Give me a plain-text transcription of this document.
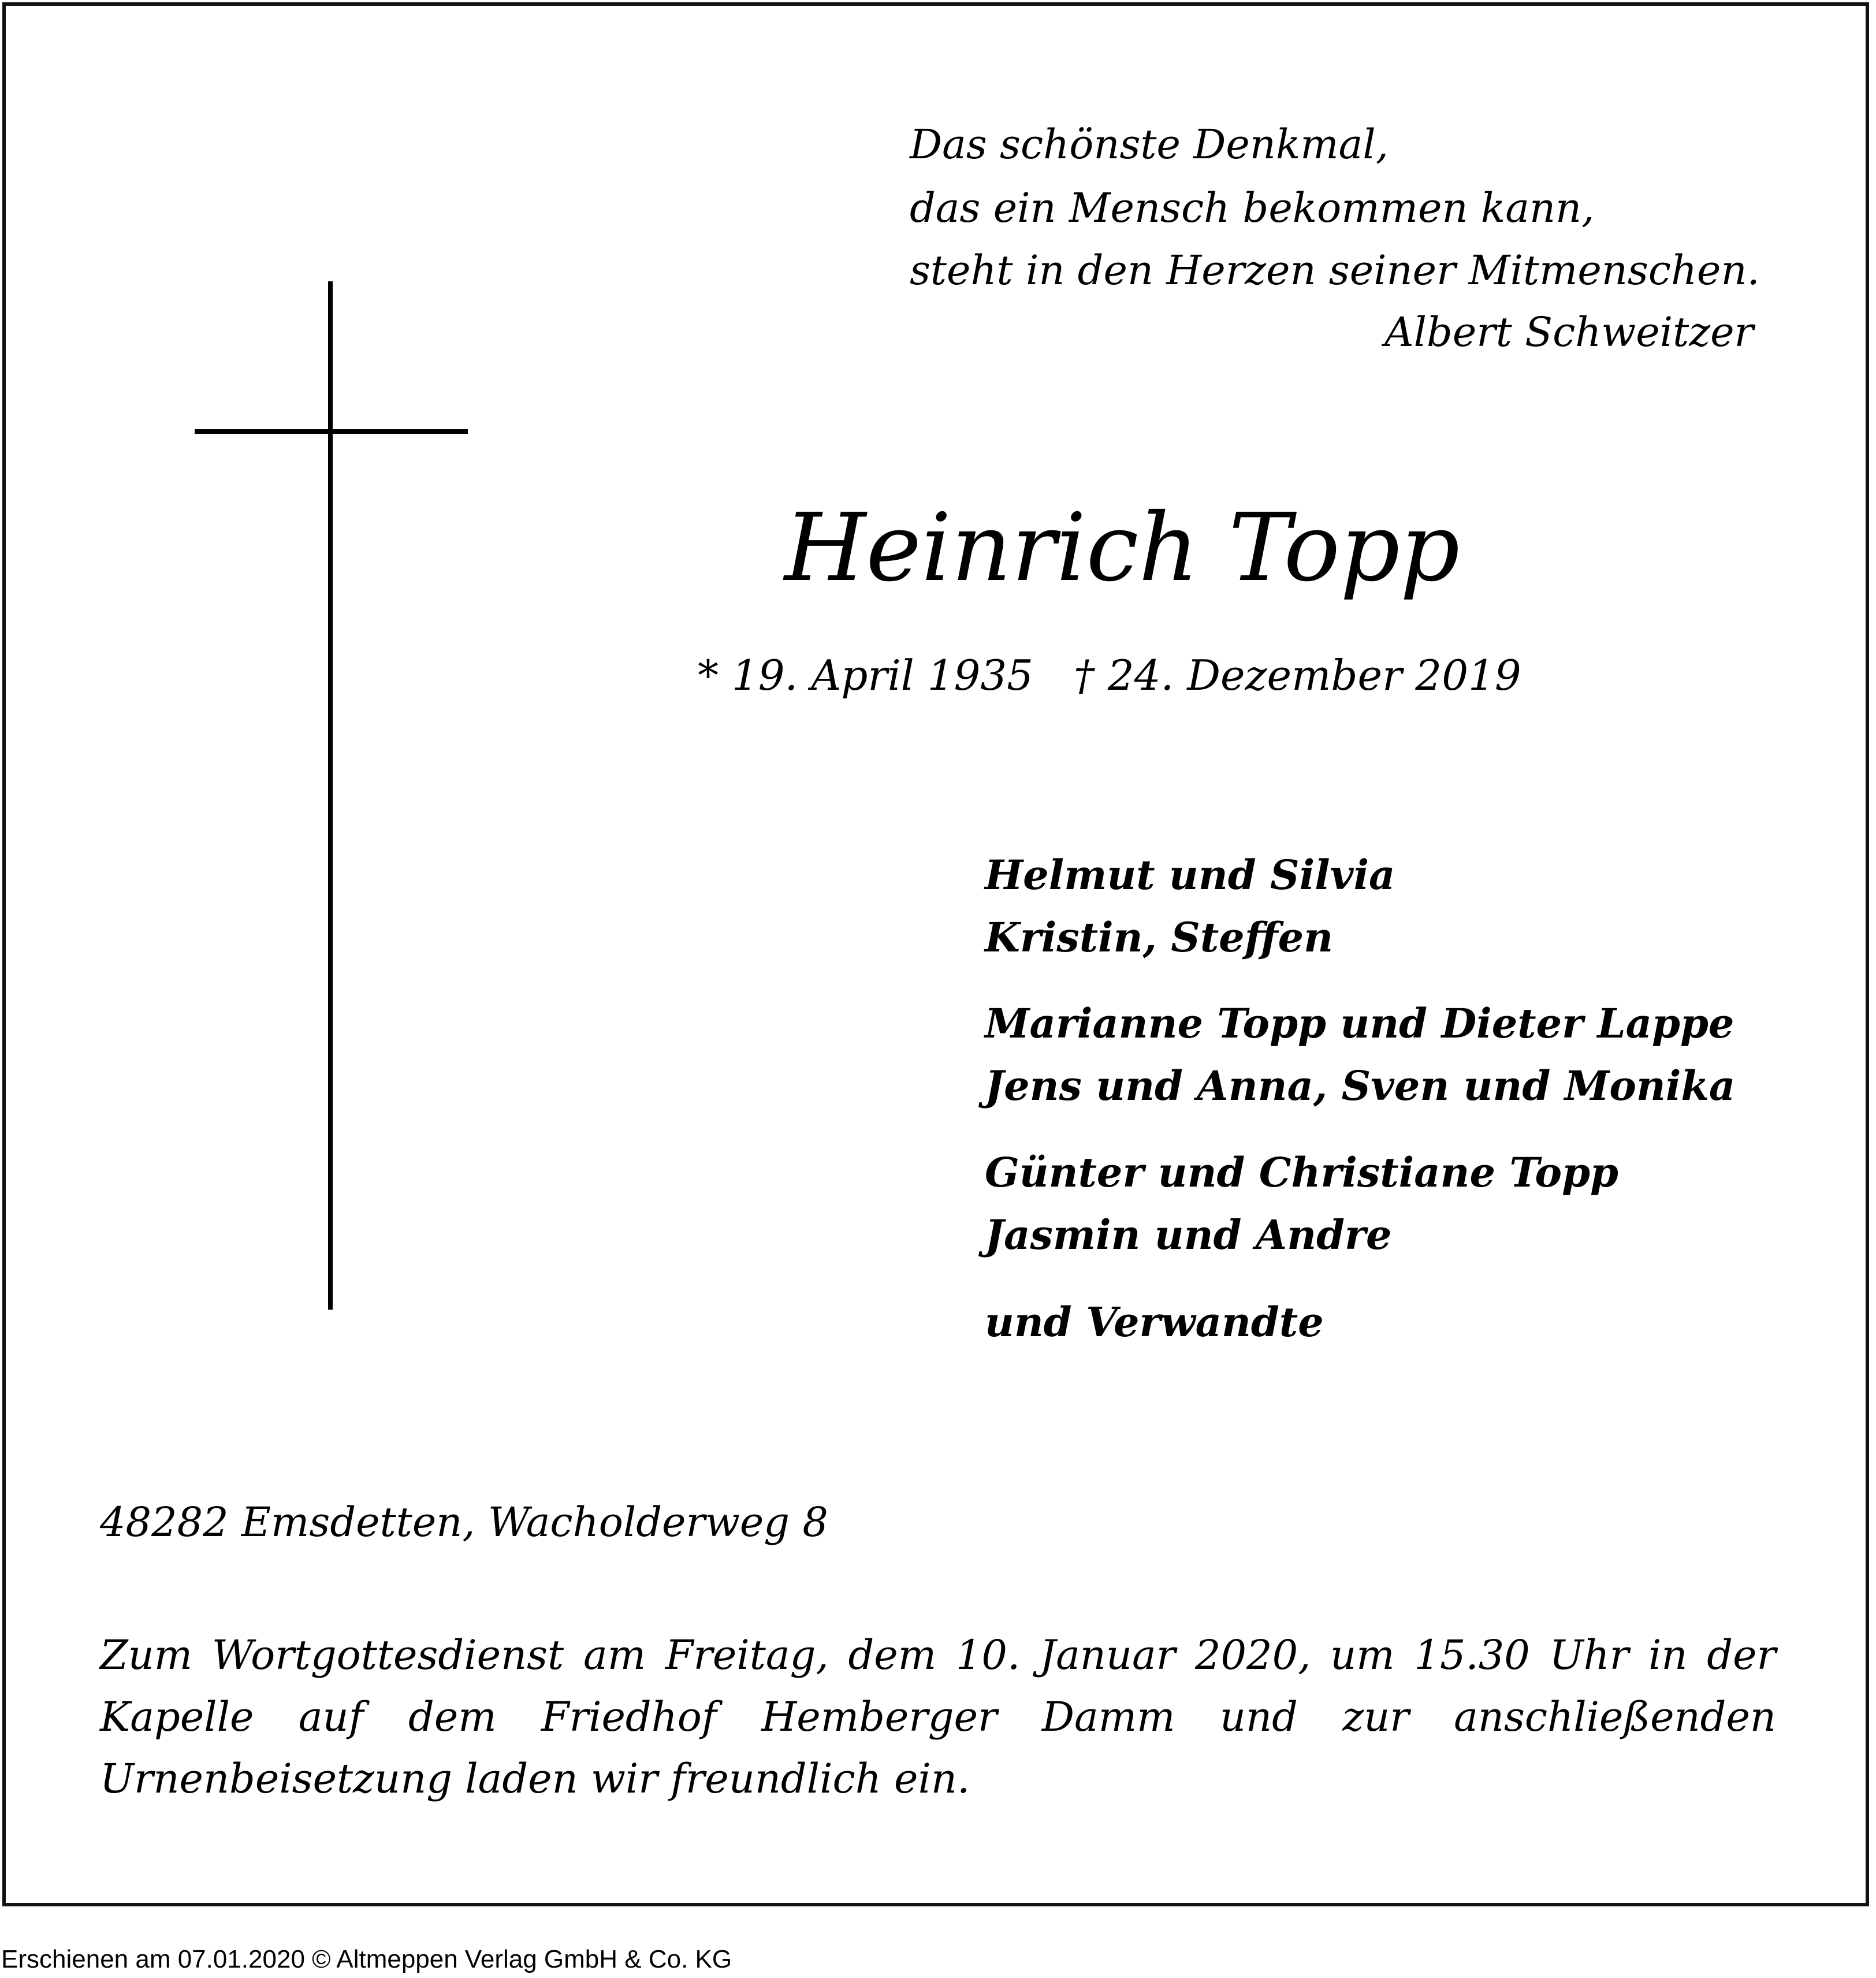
Das schönste Denkmal,
das ein Mensch bekommen kann,
steht in den Herzen seiner Mitmenschen.
Albert Schweitzer
Heinrich Topp
* 19. April 1935 † 24. Dezember 2019
Helmut und Silvia
Kristin, Steffen
Marianne Topp und Dieter Lappe
Jens und Anna, Sven und Monika
Günter und Christiane Topp
Jasmin und Andre
und Verwandte
48282 Emsdetten, Wacholderweg 8
Zum Wortgottesdienst am Freitag, dem 10. Januar 2020, um 15.30 Uhr in der
Kapelle auf dem Friedhof Hemberger Damm und zur anschließenden
Urnenbeisetzung laden wir freundlich ein.
Erschienen am 07.01.2020 © Altmeppen Verlag GmbH & Co. KG
